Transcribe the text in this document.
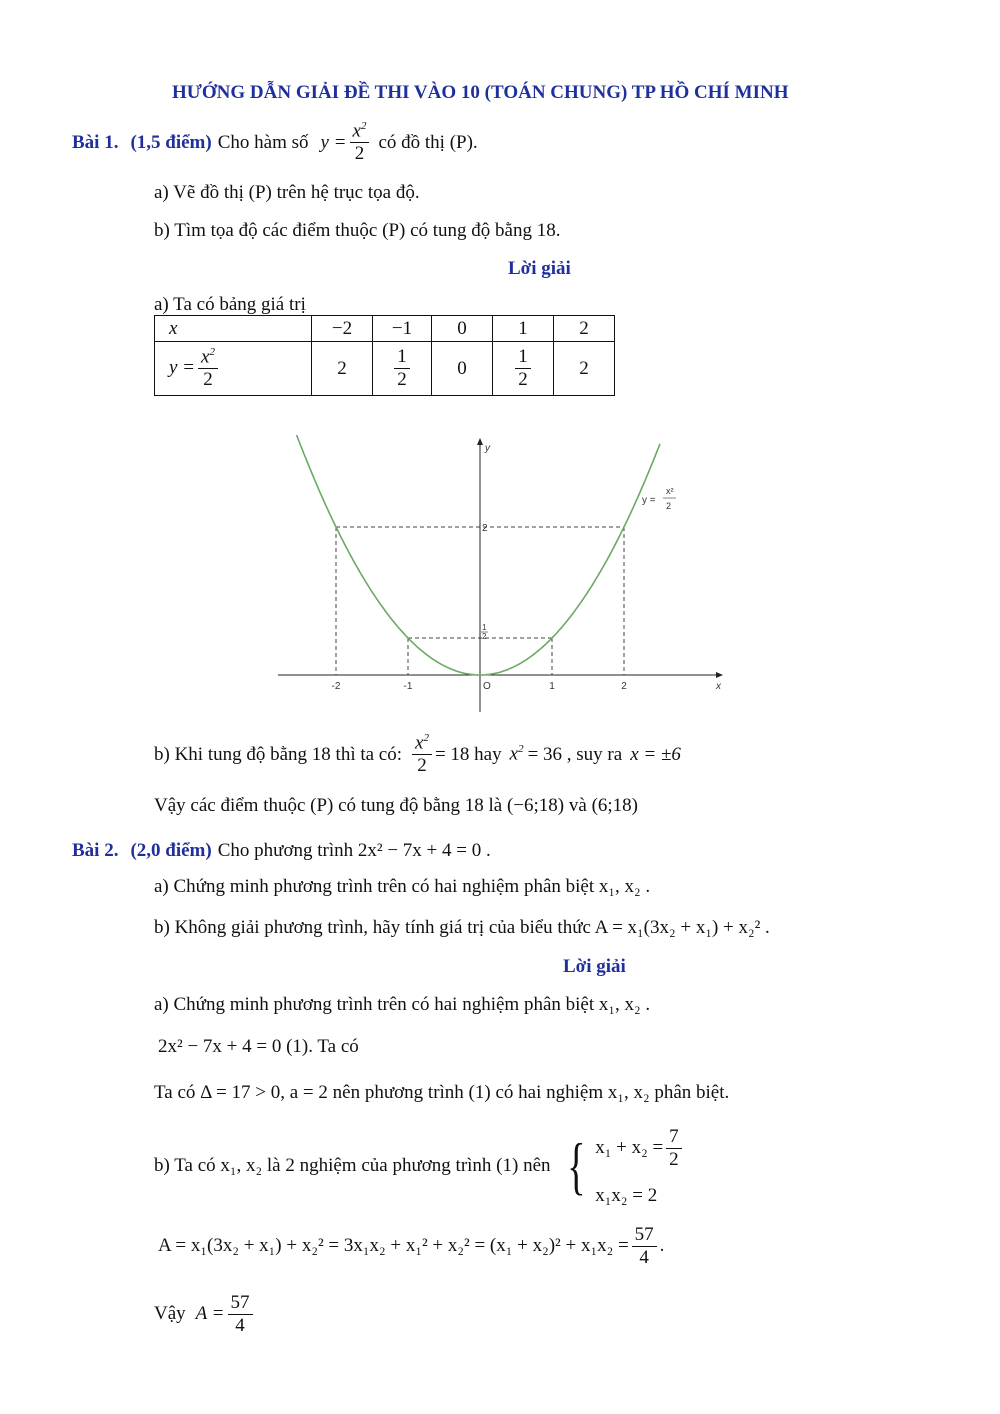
HƯỚNG DẪN GIẢI ĐỀ THI VÀO 10 (TOÁN CHUNG) TP HỒ CHÍ MINH
Bài 1. (1,5 điểm) Cho hàm số $y = \frac{x^2}{2}$ có đồ thị (P).
a) Vẽ đồ thị (P) trên hệ trục tọa độ.
b) Tìm tọa độ các điểm thuộc (P) có tung độ bằng 18.
Lời giải
a) Ta có bảng giá trị
x	−2	−1	0	1	2
$y = \frac{x^2}{2}$	2	$\frac{1}{2}$	0	$\frac{1}{2}$	2
-2	-1	1	2
2
1
2
O	x
y
y =
x²
2
b) Khi tung độ bằng 18 thì ta có: $\frac{x^2}{2} = 18$ hay $x^2 = 36$ , suy ra x = ±6
Vậy các điểm thuộc (P) có tung độ bằng 18 là (−6;18) và (6;18)
Bài 2. (2,0 điểm) Cho phương trình 2x² − 7x + 4 = 0 .
a) Chứng minh phương trình trên có hai nghiệm phân biệt x₁, x₂ .
b) Không giải phương trình, hãy tính giá trị của biểu thức A = x₁(3x₂ + x₁) + x₂² .
Lời giải
a) Chứng minh phương trình trên có hai nghiệm phân biệt x₁, x₂ .
2x² − 7x + 4 = 0 (1). Ta có
Ta có Δ = 17 > 0, a = 2 nên phương trình (1) có hai nghiệm x₁, x₂ phân biệt.
b) Ta có x₁, x₂ là 2 nghiệm của phương trình (1) nên { $x_1 + x_2 = \frac{7}{2}$
x₁x₂ = 2
$A = x_1(3x_2 + x_1) + x_2^2 = 3x_1x_2 + x_1^2 + x_2^2 = (x_1 + x_2)^2 + x_1x_2 = \frac{57}{4}$ .
Vậy $A = \frac{57}{4}$
